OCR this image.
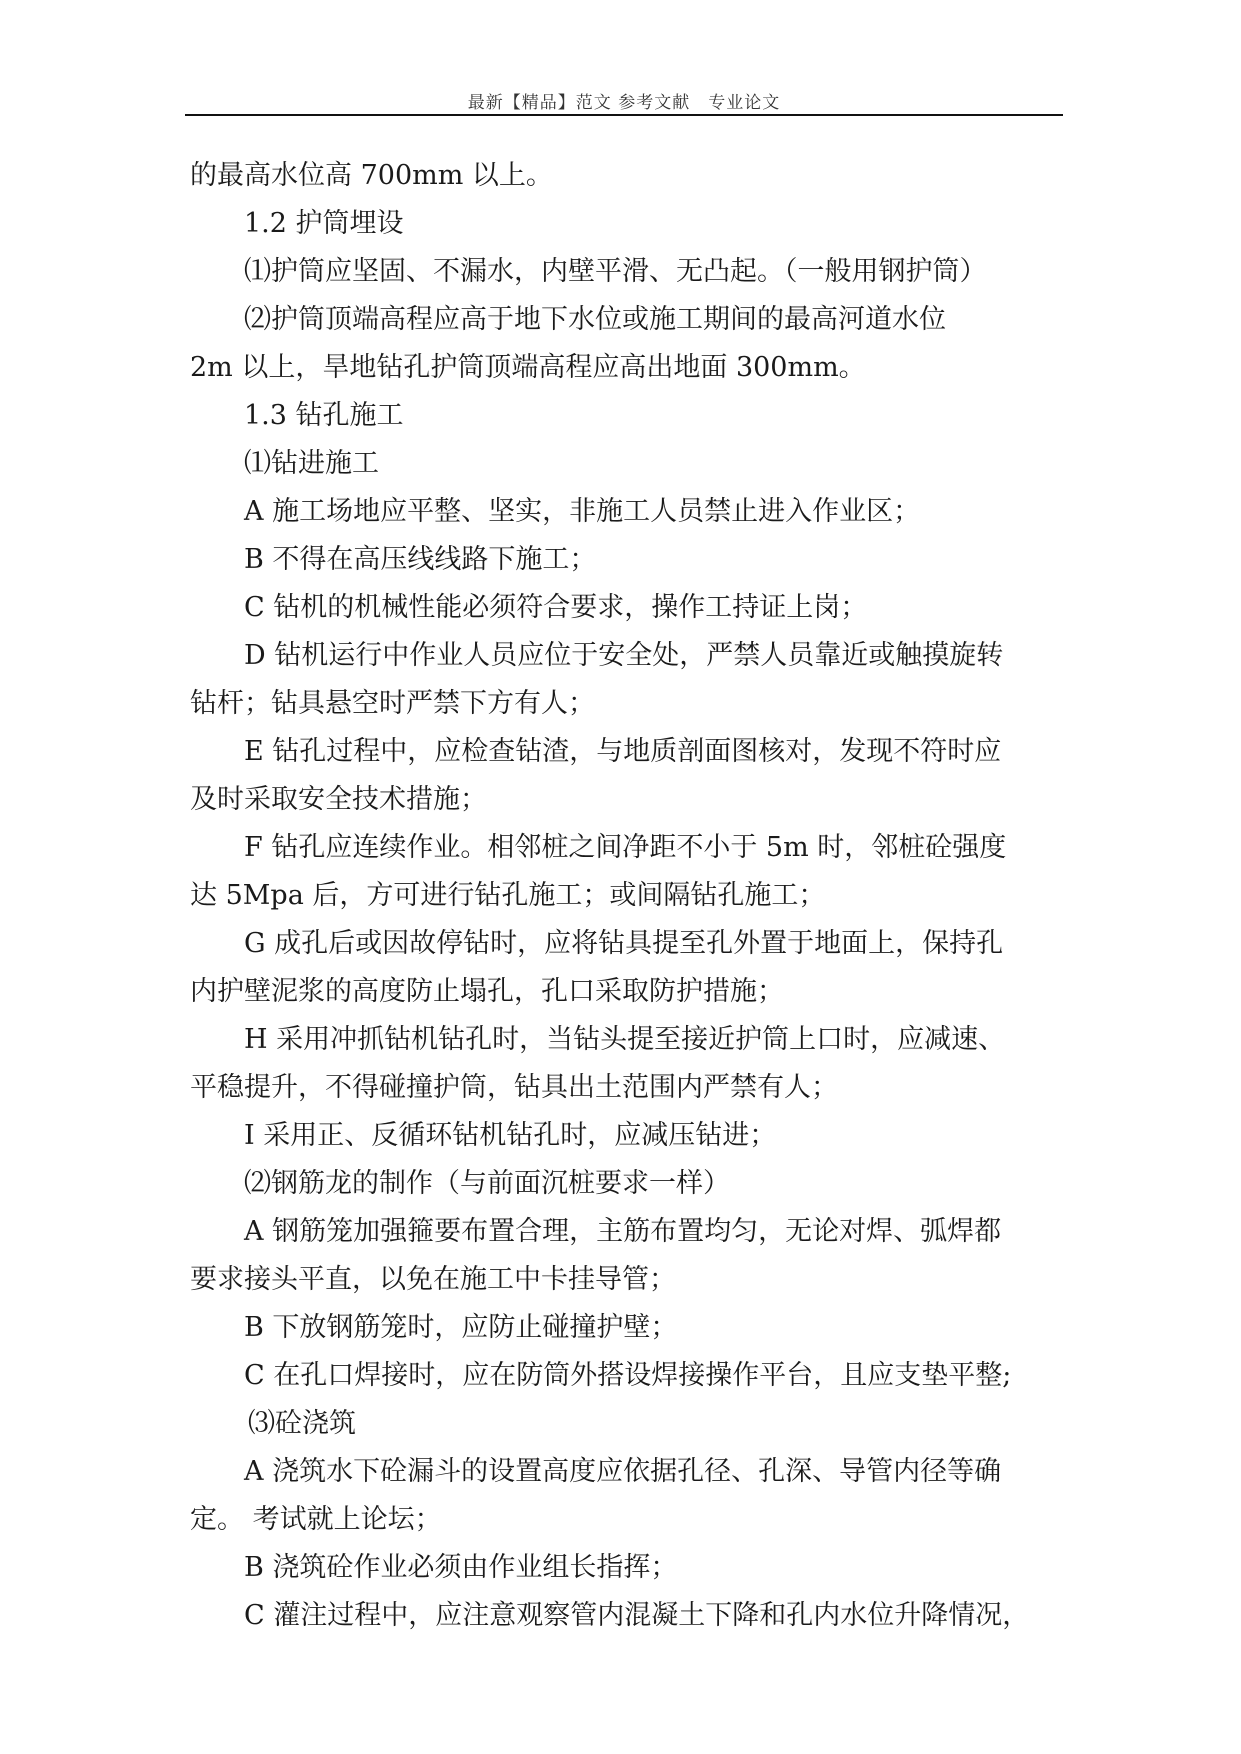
最新【精品】范文 参考文献　专业论文
的最高水位高 700mm 以上。
1.2 护筒埋设
⑴护筒应坚固、不漏水，内壁平滑、无凸起。（一般用钢护筒）
⑵护筒顶端高程应高于地下水位或施工期间的最高河道水位
2m 以上，旱地钻孔护筒顶端高程应高出地面 300mm。
1.3 钻孔施工
⑴钻进施工
A 施工场地应平整、坚实，非施工人员禁止进入作业区；
B 不得在高压线线路下施工；
C 钻机的机械性能必须符合要求，操作工持证上岗；
D 钻机运行中作业人员应位于安全处，严禁人员靠近或触摸旋转
钻杆；钻具悬空时严禁下方有人；
E 钻孔过程中，应检查钻渣，与地质剖面图核对，发现不符时应
及时采取安全技术措施；
F 钻孔应连续作业。相邻桩之间净距不小于 5m 时，邻桩砼强度
达 5Mpa 后，方可进行钻孔施工；或间隔钻孔施工；
G 成孔后或因故停钻时，应将钻具提至孔外置于地面上，保持孔
内护壁泥浆的高度防止塌孔，孔口采取防护措施；
H 采用冲抓钻机钻孔时，当钻头提至接近护筒上口时，应减速、
平稳提升，不得碰撞护筒，钻具出土范围内严禁有人；
I 采用正、反循环钻机钻孔时，应减压钻进；
⑵钢筋龙的制作（与前面沉桩要求一样）
A 钢筋笼加强箍要布置合理，主筋布置均匀，无论对焊、弧焊都
要求接头平直，以免在施工中卡挂导管；
B 下放钢筋笼时，应防止碰撞护壁；
C 在孔口焊接时，应在防筒外搭设焊接操作平台，且应支垫平整;
⑶砼浇筑
A 浇筑水下砼漏斗的设置高度应依据孔径、孔深、导管内径等确
定。 考试就上论坛；
B 浇筑砼作业必须由作业组长指挥；
C 灌注过程中，应注意观察管内混凝土下降和孔内水位升降情况，
